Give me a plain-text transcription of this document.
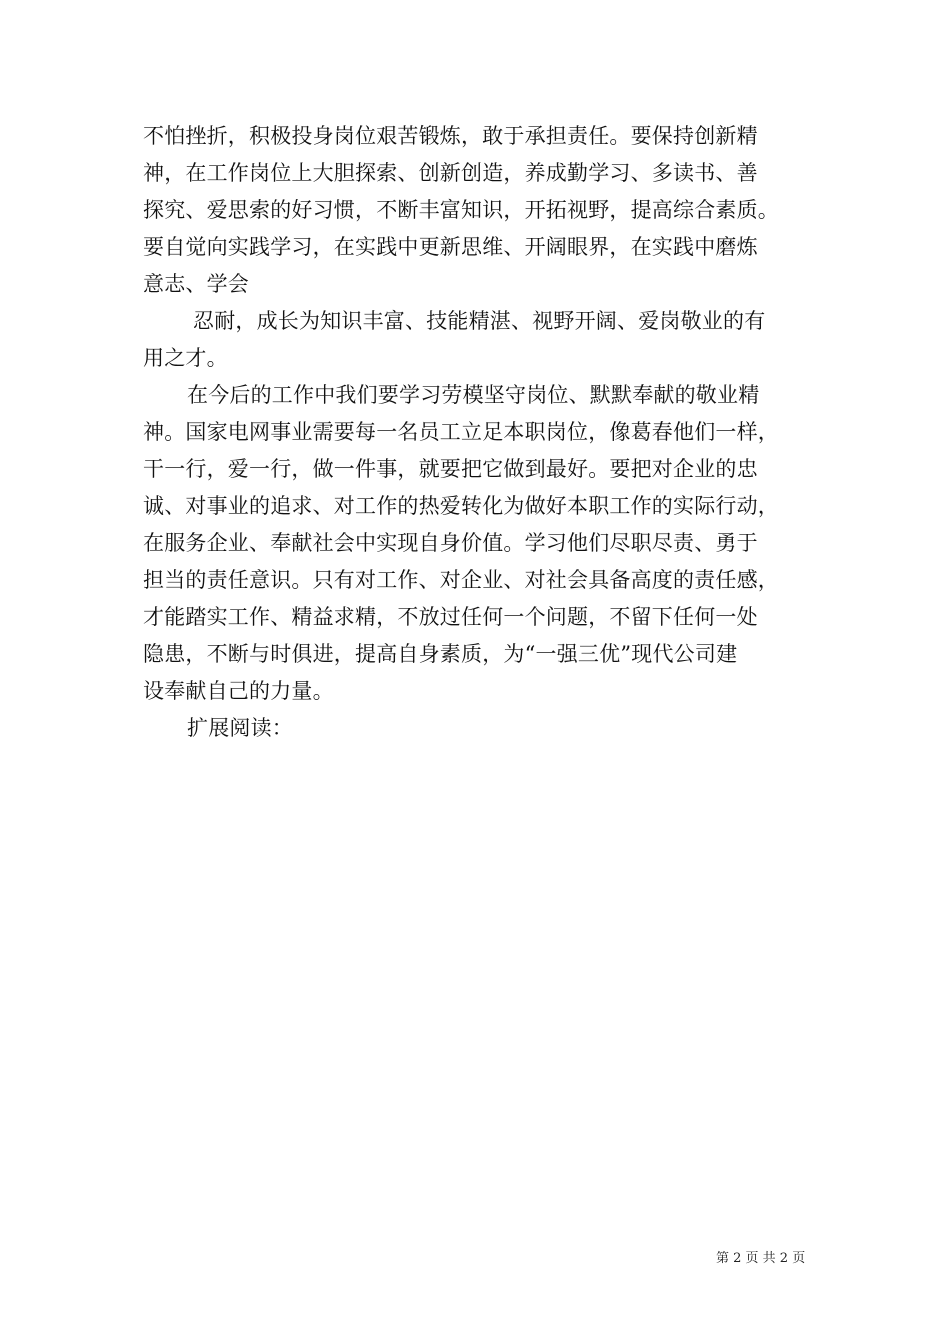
不怕挫折，积极投身岗位艰苦锻炼，敢于承担责任。要保持创新精
神，在工作岗位上大胆探索、创新创造，养成勤学习、多读书、善
探究、爱思索的好习惯，不断丰富知识，开拓视野，提高综合素质。
要自觉向实践学习，在实践中更新思维、开阔眼界，在实践中磨炼
意志、学会
忍耐，成长为知识丰富、技能精湛、视野开阔、爱岗敬业的有
用之才。
在今后的工作中我们要学习劳模坚守岗位、默默奉献的敬业精
神。国家电网事业需要每一名员工立足本职岗位，像葛春他们一样，
干一行，爱一行，做一件事，就要把它做到最好。要把对企业的忠
诚、对事业的追求、对工作的热爱转化为做好本职工作的实际行动，
在服务企业、奉献社会中实现自身价值。学习他们尽职尽责、勇于
担当的责任意识。只有对工作、对企业、对社会具备高度的责任感，
才能踏实工作、精益求精，不放过任何一个问题，不留下任何一处
隐患，不断与时俱进，提高自身素质，为“一强三优”现代公司建
设奉献自己的力量。
扩展阅读：
第 2 页 共 2 页
